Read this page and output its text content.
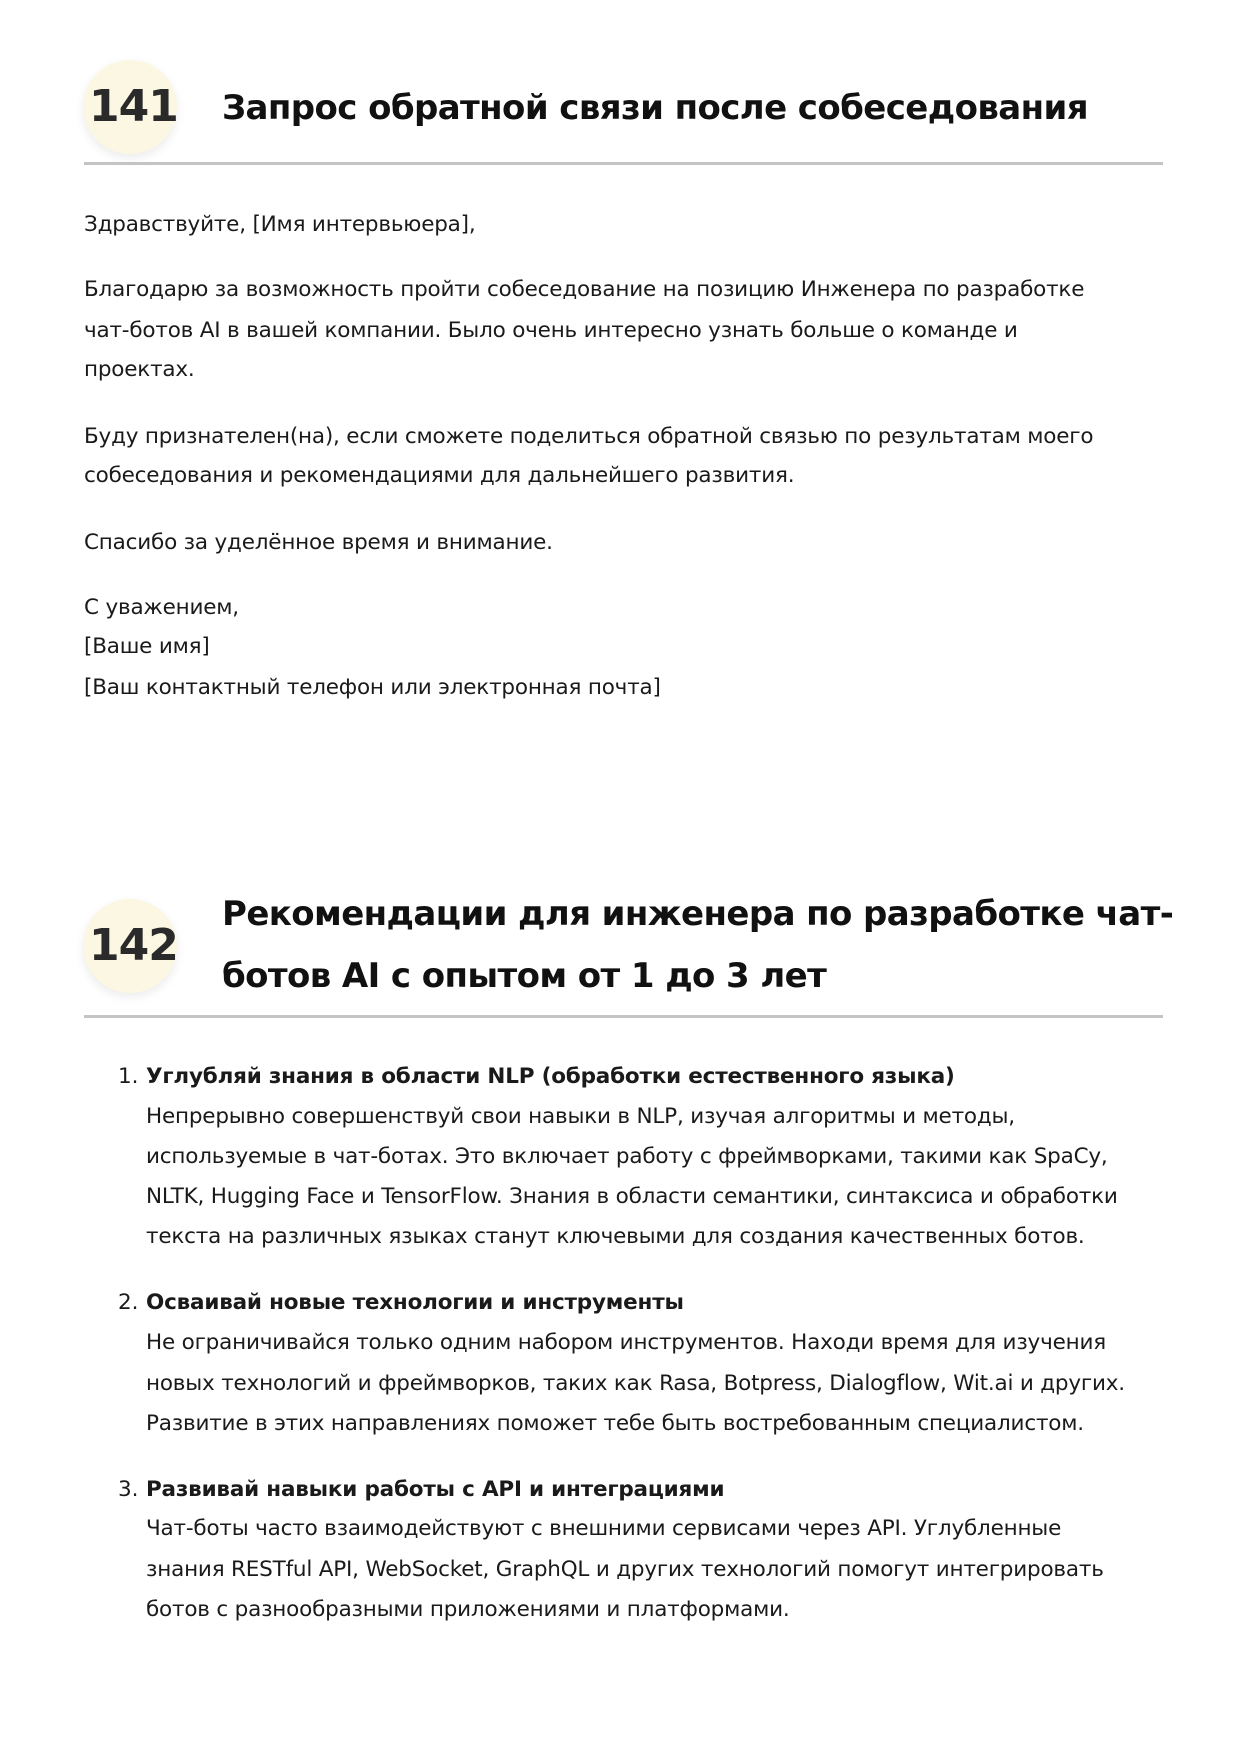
141 Запрос обратной связи после собеседования
Здравствуйте, [Имя интервьюера],
Благодарю за возможность пройти собеседование на позицию Инженера по разработке
чат-ботов AI в вашей компании. Было очень интересно узнать больше о команде и
проектах.
Буду признателен(на), если сможете поделиться обратной связью по результатам моего
собеседования и рекомендациями для дальнейшего развития.
Спасибо за уделённое время и внимание.
С уважением,
[Ваше имя]
[Ваш контактный телефон или электронная почта]
142
Рекомендации для инженера по разработке чат-
ботов AI с опытом от 1 до 3 лет
1. Углубляй знания в области NLP (обработки естественного языка)
Непрерывно совершенствуй свои навыки в NLP, изучая алгоритмы и методы,
используемые в чат-ботах. Это включает работу с фреймворками, такими как SpaCy,
NLTK, Hugging Face и TensorFlow. Знания в области семантики, синтаксиса и обработки
текста на различных языках станут ключевыми для создания качественных ботов.
2. Осваивай новые технологии и инструменты
Не ограничивайся только одним набором инструментов. Находи время для изучения
новых технологий и фреймворков, таких как Rasa, Botpress, Dialogflow, Wit.ai и других.
Развитие в этих направлениях поможет тебе быть востребованным специалистом.
3. Развивай навыки работы с API и интеграциями
Чат-боты часто взаимодействуют с внешними сервисами через API. Углубленные
знания RESTful API, WebSocket, GraphQL и других технологий помогут интегрировать
ботов с разнообразными приложениями и платформами.
